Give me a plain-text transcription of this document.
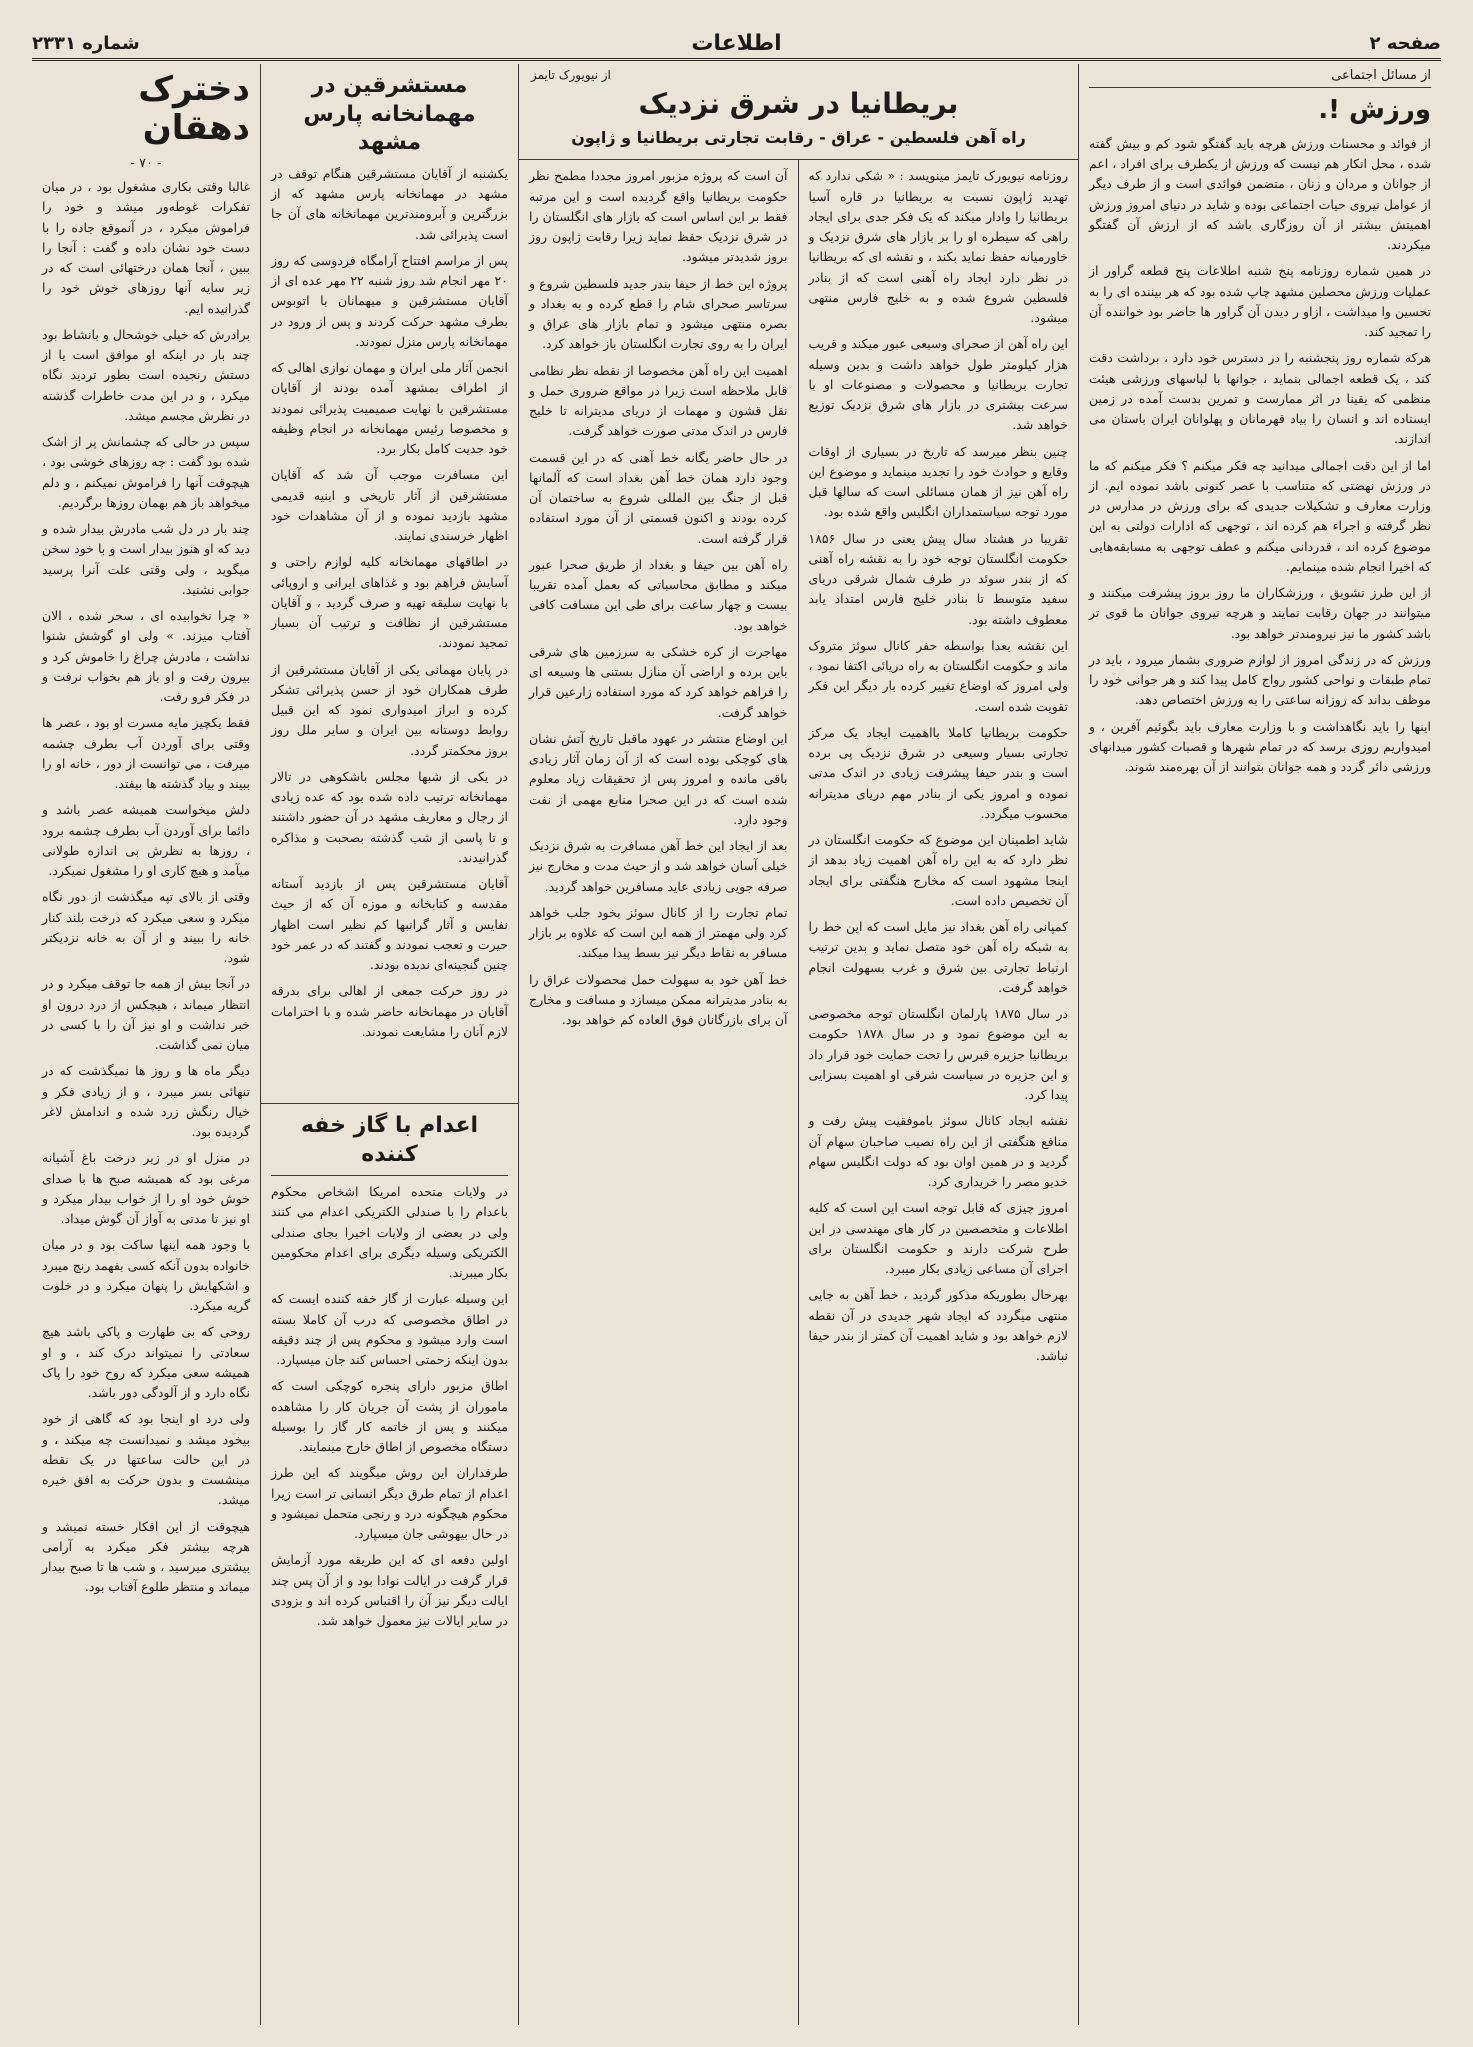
صفحه ۲
اطلاعات
شماره ۲۳۳۱
از مسائل اجتماعی
ورزش !.

از فوائد و محسنات ورزش هرچه باید گفتگو شود کم و بیش گفته شده ، محل انکار هم نیست که ورزش از یکطرف برای افراد ، اعم از جوانان و مردان و زنان ، متضمن فوائدی است و از طرف دیگر از عوامل نیروی حیات اجتماعی بوده و شاید در دنیای امروز ورزش اهمیتش بیشتر از آن روزگاری باشد که از ارزش آن گفتگو میکردند.

در همین شماره روزنامه پنج شنبه اطلاعات پنج قطعه گراور از عملیات ورزش محصلین مشهد چاپ شده بود که هر بیننده ای را به تحسین وا میداشت ، ازاو ر دیدن آن گراور ها حاضر بود خواننده آن را تمجید کند.

هرکه شماره روز پنجشنبه را در دسترس خود دارد ، برداشت دقت کند ، یک قطعه اجمالی بنماید ، جوانها با لباسهای ورزشی هیئت منظمی که یقینا در اثر ممارست و تمرین بدست آمده در زمین ایستاده اند و انسان را بیاد قهرمانان و پهلوانان ایران باستان می اندازند.

اما از این دقت اجمالی میدانید چه فکر میکنم ؟ فکر میکنم که ما در ورزش نهضتی که متناسب با عصر کنونی باشد نموده ایم. از وزارت معارف و تشکیلات جدیدی که برای ورزش در مدارس در نظر گرفته و اجراء هم کرده اند ، توجهی که ادارات دولتی به این موضوع کرده اند ، قدردانی میکنم و عطف توجهی به مسابقه‌هایی که اخیرا انجام شده مینمایم.

از این طرز تشویق ، ورزشکاران ما روز بروز پیشرفت میکنند و میتوانند در جهان رقابت نمایند و هرچه نیروی جوانان ما قوی تر باشد کشور ما نیز نیرومندتر خواهد بود.

ورزش که در زندگی امروز از لوازم ضروری بشمار میرود ، باید در تمام طبقات و نواحی کشور رواج کامل پیدا کند و هر جوانی خود را موظف بداند که روزانه ساعتی را به ورزش اختصاص دهد.

اینها را باید نگاهداشت و با وزارت معارف باید بگوئیم آفرین ، و امیدواریم روزی برسد که در تمام شهرها و قصبات کشور میدانهای ورزشی دائر گردد و همه جوانان بتوانند از آن بهره‌مند شوند.

از نیویورک تایمز
بریطانیا در شرق نزدیک
راه آهن فلسطین - عراق - رقابت تجارتی بریطانیا و ژاپون

روزنامه نیویورک تایمز مینویسد : « شکی ندارد که تهدید ژاپون نسبت به بریطانیا در قاره آسیا بریطانیا را وادار میکند که یک فکر جدی برای ایجاد راهی که سیطره او را بر بازار های شرق نزدیک و خاورمیانه حفظ نماید بکند ، و نقشه ای که بریطانیا در نظر دارد ایجاد راه آهنی است که از بنادر فلسطین شروع شده و به خلیج فارس منتهی میشود.

این راه آهن از صحرای وسیعی عبور میکند و قریب هزار کیلومتر طول خواهد داشت و بدین وسیله تجارت بریطانیا و محصولات و مصنوعات او با سرعت بیشتری در بازار های شرق نزدیک توزیع خواهد شد.

چنین بنظر میرسد که تاریخ در بسیاری از اوقات وقایع و حوادث خود را تجدید مینماید و موضوع این راه آهن نیز از همان مسائلی است که سالها قبل مورد توجه سیاستمداران انگلیس واقع شده بود.

تقریبا در هشتاد سال پیش یعنی در سال ۱۸۵۶ حکومت انگلستان توجه خود را به نقشه راه آهنی که از بندر سوئد در طرف شمال شرقی دریای سفید متوسط تا بنادر خلیج فارس امتداد یابد معطوف داشته بود.

این نقشه بعدا بواسطه حفر کانال سوئز متروک ماند و حکومت انگلستان به راه دریائی اکتفا نمود ، ولی امروز که اوضاع تغییر کرده بار دیگر این فکر تقویت شده است.

حکومت بریطانیا کاملا بااهمیت ایجاد یک مرکز تجارتی بسیار وسیعی در شرق نزدیک پی برده است و بندر حیفا پیشرفت زیادی در اندک مدتی نموده و امروز یکی از بنادر مهم دریای مدیترانه محسوب میگردد.

شاید اطمینان این موضوع که حکومت انگلستان در نظر دارد که به این راه آهن اهمیت زیاد بدهد از اینجا مشهود است که مخارج هنگفتی برای ایجاد آن تخصیص داده است.

کمپانی راه آهن بغداد نیز مایل است که این خط را به شبکه راه آهن خود متصل نماید و بدین ترتیب ارتباط تجارتی بین شرق و غرب بسهولت انجام خواهد گرفت.

در سال ۱۸۷۵ پارلمان انگلستان توجه مخصوصی به این موضوع نمود و در سال ۱۸۷۸ حکومت بریطانیا جزیره قبرس را تحت حمایت خود قرار داد و این جزیره در سیاست شرقی او اهمیت بسزایی پیدا کرد.

نقشه ایجاد کانال سوئز باموفقیت پیش رفت و منافع هنگفتی از این راه نصیب صاحبان سهام آن گردید و در همین اوان بود که دولت انگلیس سهام خدیو مصر را خریداری کرد.

امروز چیزی که قابل توجه است این است که کلیه اطلاعات و متخصصین در کار های مهندسی در این طرح شرکت دارند و حکومت انگلستان برای اجرای آن مساعی زیادی بکار میبرد.

بهرحال بطوریکه مذکور گردید ، خط آهن به جایی منتهی میگردد که ایجاد شهر جدیدی در آن نقطه لازم خواهد بود و شاید اهمیت آن کمتر از بندر حیفا نباشد.

آن است که پروژه مزبور امروز مجددا مطمح نظر حکومت بریطانیا واقع گردیده است و این مرتبه فقط بر این اساس است که بازار های انگلستان را در شرق نزدیک حفظ نماید زیرا رقابت ژاپون روز بروز شدیدتر میشود.

پروژه این خط از حیفا بندر جدید فلسطین شروع و سرتاسر صحرای شام را قطع کرده و به بغداد و بصره منتهی میشود و تمام بازار های عراق و ایران را به روی تجارت انگلستان باز خواهد کرد.

اهمیت این راه آهن مخصوصا از نقطه نظر نظامی قابل ملاحظه است زیرا در مواقع ضروری حمل و نقل قشون و مهمات از دریای مدیترانه تا خلیج فارس در اندک مدتی صورت خواهد گرفت.

در حال حاضر یگانه خط آهنی که در این قسمت وجود دارد همان خط آهن بغداد است که آلمانها قبل از جنگ بین المللی شروع به ساختمان آن کرده بودند و اکنون قسمتی از آن مورد استفاده قرار گرفته است.

راه آهن بین حیفا و بغداد از طریق صحرا عبور میکند و مطابق محاسباتی که بعمل آمده تقریبا بیست و چهار ساعت برای طی این مسافت کافی خواهد بود.

مهاجرت از کره خشکی به سرزمین های شرقی باین برده و اراضی آن منازل بستنی ها وسیعه ای را فراهم خواهد کرد که مورد استفاده زارعین قرار خواهد گرفت.

این اوضاع منتشر در عهود ماقبل تاریخ آتش نشان های کوچکی بوده است که از آن زمان آثار زیادی باقی مانده و امروز پس از تحقیقات زیاد معلوم شده است که در این صحرا منابع مهمی از نفت وجود دارد.

بعد از ایجاد این خط آهن مسافرت به شرق نزدیک خیلی آسان خواهد شد و از حیث مدت و مخارج نیز صرفه جویی زیادی عاید مسافرین خواهد گردید.

تمام تجارت را از کانال سوئز بخود جلب خواهد کرد ولی مهمتر از همه این است که علاوه بر بازار مسافر به نقاط دیگر نیز بسط پیدا میکند.

خط آهن خود به سهولت حمل محصولات عراق را به بنادر مدیترانه ممکن میسازد و مسافت و مخارج آن برای بازرگانان فوق العاده کم خواهد بود.

مستشرقین در مهمانخانه پارس مشهد

یکشنبه از آقایان مستشرقین هنگام توقف در مشهد در مهمانخانه پارس مشهد که از بزرگترین و آبرومندترین مهمانخانه های آن جا است پذیرائی شد.

پس از مراسم افتتاح آرامگاه فردوسی که روز ۲۰ مهر انجام شد روز شنبه ۲۲ مهر عده ای از آقایان مستشرقین و میهمانان با اتوبوس بطرف مشهد حرکت کردند و پس از ورود در مهمانخانه پارس منزل نمودند.

انجمن آثار ملی ایران و مهمان نوازی اهالی که از اطراف بمشهد آمده بودند از آقایان مستشرقین با نهایت صمیمیت پذیرائی نمودند و مخصوصا رئیس مهمانخانه در انجام وظیفه خود جدیت کامل بکار برد.

این مسافرت موجب آن شد که آقایان مستشرقین از آثار تاریخی و ابنیه قدیمی مشهد بازدید نموده و از آن مشاهدات خود اظهار خرسندی نمایند.

در اطاقهای مهمانخانه کلیه لوازم راحتی و آسایش فراهم بود و غذاهای ایرانی و اروپائی با نهایت سلیقه تهیه و صرف گردید ، و آقایان مستشرقین از نظافت و ترتیب آن بسیار تمجید نمودند.

در پایان مهمانی یکی از آقایان مستشرقین از طرف همکاران خود از حسن پذیرائی تشکر کرده و ابراز امیدواری نمود که این قبیل روابط دوستانه بین ایران و سایر ملل روز بروز محکمتر گردد.

در یکی از شبها مجلس باشکوهی در تالار مهمانخانه ترتیب داده شده بود که عده زیادی از رجال و معاریف مشهد در آن حضور داشتند و تا پاسی از شب گذشته بصحبت و مذاکره گذرانیدند.

آقایان مستشرقین پس از بازدید آستانه مقدسه و کتابخانه و موزه آن که از حیث نفایس و آثار گرانبها کم نظیر است اظهار حیرت و تعجب نمودند و گفتند که در عمر خود چنین گنجینه‌ای ندیده بودند.

در روز حرکت جمعی از اهالی برای بدرقه آقایان در مهمانخانه حاضر شده و با احترامات لازم آنان را مشایعت نمودند.

اعدام با گاز خفه کننده

در ولایات متحده امریکا اشخاص محکوم باعدام را با صندلی الکتریکی اعدام می کنند ولی در بعضی از ولایات اخیرا بجای صندلی الکتریکی وسیله دیگری برای اعدام محکومین بکار میبرند.

این وسیله عبارت از گاز خفه کننده ایست که در اطاق مخصوصی که درب آن کاملا بسته است وارد میشود و محکوم پس از چند دقیقه بدون اینکه زحمتی احساس کند جان میسپارد.

اطاق مزبور دارای پنجره کوچکی است که ماموران از پشت آن جریان کار را مشاهده میکنند و پس از خاتمه کار گاز را بوسیله دستگاه مخصوص از اطاق خارج مینمایند.

طرفداران این روش میگویند که این طرز اعدام از تمام طرق دیگر انسانی تر است زیرا محکوم هیچگونه درد و رنجی متحمل نمیشود و در حال بیهوشی جان میسپارد.

اولین دفعه ای که این طریقه مورد آزمایش قرار گرفت در ایالت نوادا بود و از آن پس چند ایالت دیگر نیز آن را اقتباس کرده اند و بزودی در سایر ایالات نیز معمول خواهد شد.

دخترک دهقان
- ۷۰ -

غالبا وقتی بکاری مشغول بود ، در میان تفکرات غوطه‌ور میشد و خود را فراموش میکرد ، در آنموقع جاده را با دست خود نشان داده و گفت : آنجا را ببین ، آنجا همان درختهائی است که در زیر سایه آنها روزهای خوش خود را گذرانیده ایم.

برادرش که خیلی خوشحال و بانشاط بود چند بار در اینکه او موافق است یا از دستش رنجیده است بطور تردید نگاه میکرد ، و در این مدت خاطرات گذشته در نظرش مجسم میشد.

سپس در حالی که چشمانش پر از اشک شده بود گفت : چه روزهای خوشی بود ، هیچوقت آنها را فراموش نمیکنم ، و دلم میخواهد باز هم بهمان روزها برگردیم.

چند بار در دل شب مادرش بیدار شده و دید که او هنوز بیدار است و با خود سخن میگوید ، ولی وقتی علت آنرا پرسید جوابی نشنید.

« چرا نخوابیده ای ، سحر شده ، الان آفتاب میزند. » ولی او گوشش شنوا نداشت ، مادرش چراغ را خاموش کرد و بیرون رفت و او باز هم بخواب نرفت و در فکر فرو رفت.

فقط یکچیز مایه مسرت او بود ، عصر ها وقتی برای آوردن آب بطرف چشمه میرفت ، می توانست از دور ، خانه او را ببیند و بیاد گذشته ها بیفتد.

دلش میخواست همیشه عصر باشد و دائما برای آوردن آب بطرف چشمه برود ، روزها به نظرش بی اندازه طولانی میآمد و هیچ کاری او را مشغول نمیکرد.

وقتی از بالای تپه میگذشت از دور نگاه میکرد و سعی میکرد که درخت بلند کنار خانه را ببیند و از آن به خانه نزدیکتر شود.

در آنجا بیش از همه جا توقف میکرد و در انتظار میماند ، هیچکس از درد درون او خبر نداشت و او نیز آن را با کسی در میان نمی گذاشت.

دیگر ماه ها و روز ها نمیگذشت که در تنهائی بسر میبرد ، و از زیادی فکر و خیال رنگش زرد شده و اندامش لاغر گردیده بود.

در منزل او در زیر درخت باغ آشیانه مرغی بود که همیشه صبح ها با صدای خوش خود او را از خواب بیدار میکرد و او نیز تا مدتی به آواز آن گوش میداد.

با وجود همه اینها ساکت بود و در میان خانواده بدون آنکه کسی بفهمد رنج میبرد و اشکهایش را پنهان میکرد و در خلوت گریه میکرد.

روحی که بی طهارت و پاکی باشد هیچ سعادتی را نمیتواند درک کند ، و او همیشه سعی میکرد که روح خود را پاک نگاه دارد و از آلودگی دور باشد.

ولی درد او اینجا بود که گاهی از خود بیخود میشد و نمیدانست چه میکند ، و در این حالت ساعتها در یک نقطه مینشست و بدون حرکت به افق خیره میشد.

هیچوقت از این افکار خسته نمیشد و هرچه بیشتر فکر میکرد به آرامی بیشتری میرسید ، و شب ها تا صبح بیدار میماند و منتظر طلوع آفتاب بود.
